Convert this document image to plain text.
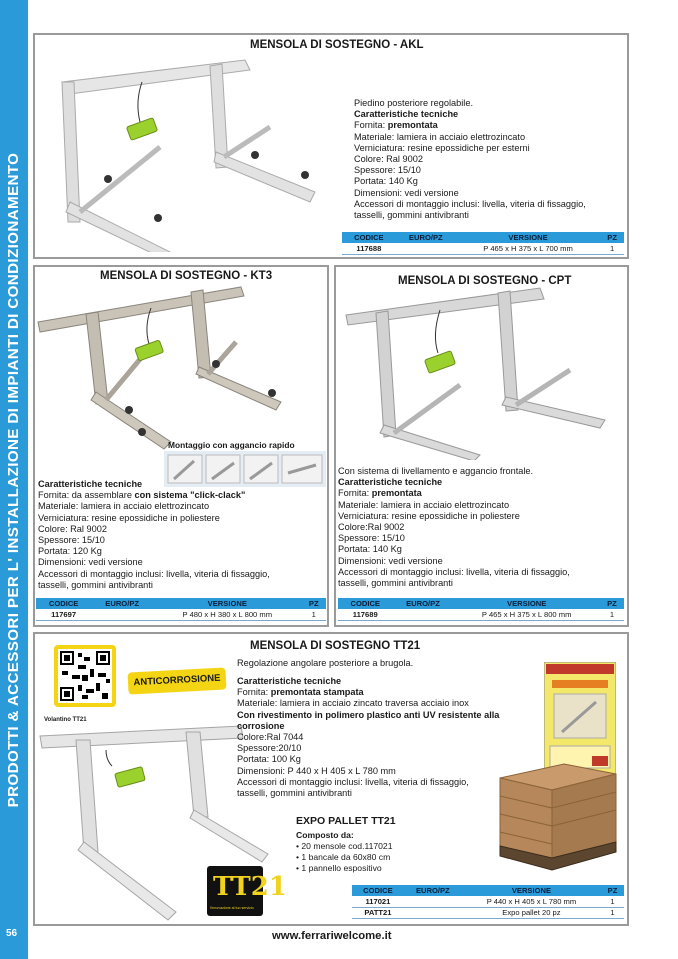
PRODOTTI & ACCESSORI PER L' INSTALLAZIONE DI IMPIANTI DI CONDIZIONAMENTO
56
MENSOLA DI SOSTEGNO - AKL
Piedino posteriore regolabile.
Caratteristiche tecniche
Fornita: premontata
Materiale: lamiera in acciaio elettrozincato
Verniciatura: resine epossidiche per esterni
Colore: Ral 9002
Spessore: 15/10
Portata: 140 Kg
Dimensioni: vedi versione
Accessori di montaggio inclusi: livella, viteria di fissaggio,
tasselli, gommini antivibranti
CODICE	EURO/PZ	VERSIONE	PZ
117688		P 465 x H 375 x L 700 mm	1
MENSOLA DI SOSTEGNO - KT3
Montaggio con aggancio rapido
Caratteristiche tecniche
Fornita: da assemblare con sistema "click-clack"
Materiale: lamiera in acciaio elettrozincato
Verniciatura: resine epossidiche in poliestere
Colore: Ral 9002
Spessore: 15/10
Portata: 120 Kg
Dimensioni: vedi versione
Accessori di montaggio inclusi: livella, viteria di fissaggio,
tasselli, gommini antivibranti
CODICE	EURO/PZ	VERSIONE	PZ
117697		P 480 x H 380 x L 800 mm	1
MENSOLA DI SOSTEGNO - CPT
Con sistema di livellamento e aggancio frontale.
Caratteristiche tecniche
Fornita: premontata
Materiale: lamiera in acciaio elettrozincato
Verniciatura: resine epossidiche in poliestere
Colore:Ral 9002
Spessore: 15/10
Portata: 140 Kg
Dimensioni: vedi versione
Accessori di montaggio inclusi: livella, viteria di fissaggio,
tasselli, gommini antivibranti
CODICE	EURO/PZ	VERSIONE	PZ
117689		P 465 x H 375 x L 800 mm	1
MENSOLA DI SOSTEGNO TT21
Regolazione angolare posteriore a brugola.
ANTICORROSIONE
Volantino TT21
Caratteristiche tecniche
Fornita: premontata stampata
Materiale: lamiera in acciaio zincato traversa acciaio inox
Con rivestimento in polimero plastico anti UV resistente alla
corrosione
Colore:Ral 7044
Spessore:20/10
Portata: 100 Kg
Dimensioni: P 440 x H 405 x L 780 mm
Accessori di montaggio inclusi: livella, viteria di fissaggio,
tasselli, gommini antivibranti
TT21
l'innovazione al tuo servizio
EXPO PALLET TT21
Composto da:
• 20 mensole cod.117021
• 1 bancale da 60x80 cm
• 1 pannello espositivo
CODICE	EURO/PZ	VERSIONE	PZ
117021		P 440 x H 405 x L 780 mm	1
PATT21		Expo pallet 20 pz	1
www.ferrariwelcome.it
